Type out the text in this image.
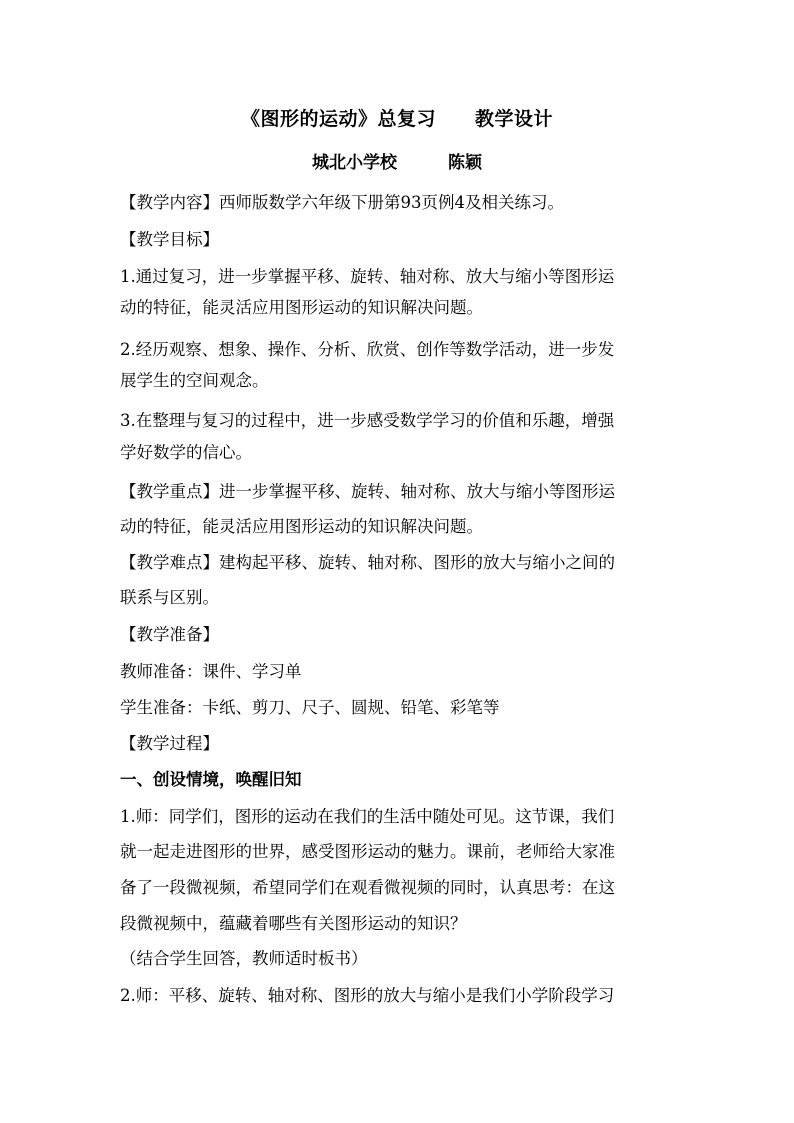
《图形的运动》总复习　　教学设计
城北小学校　　　陈颖
【教学内容】西师版数学六年级下册第93页例4及相关练习。
【教学目标】
1.通过复习，进一步掌握平移、旋转、轴对称、放大与缩小等图形运
动的特征，能灵活应用图形运动的知识解决问题。
2.经历观察、想象、操作、分析、欣赏、创作等数学活动，进一步发
展学生的空间观念。
3.在整理与复习的过程中，进一步感受数学学习的价值和乐趣，增强
学好数学的信心。
【教学重点】进一步掌握平移、旋转、轴对称、放大与缩小等图形运
动的特征，能灵活应用图形运动的知识解决问题。
【教学难点】建构起平移、旋转、轴对称、图形的放大与缩小之间的
联系与区别。
【教学准备】
教师准备：课件、学习单
学生准备：卡纸、剪刀、尺子、圆规、铅笔、彩笔等
【教学过程】
一、创设情境，唤醒旧知
1.师：同学们，图形的运动在我们的生活中随处可见。这节课，我们
就一起走进图形的世界，感受图形运动的魅力。课前，老师给大家准
备了一段微视频，希望同学们在观看微视频的同时，认真思考：在这
段微视频中，蕴藏着哪些有关图形运动的知识？
（结合学生回答，教师适时板书）
2.师：平移、旋转、轴对称、图形的放大与缩小是我们小学阶段学习
